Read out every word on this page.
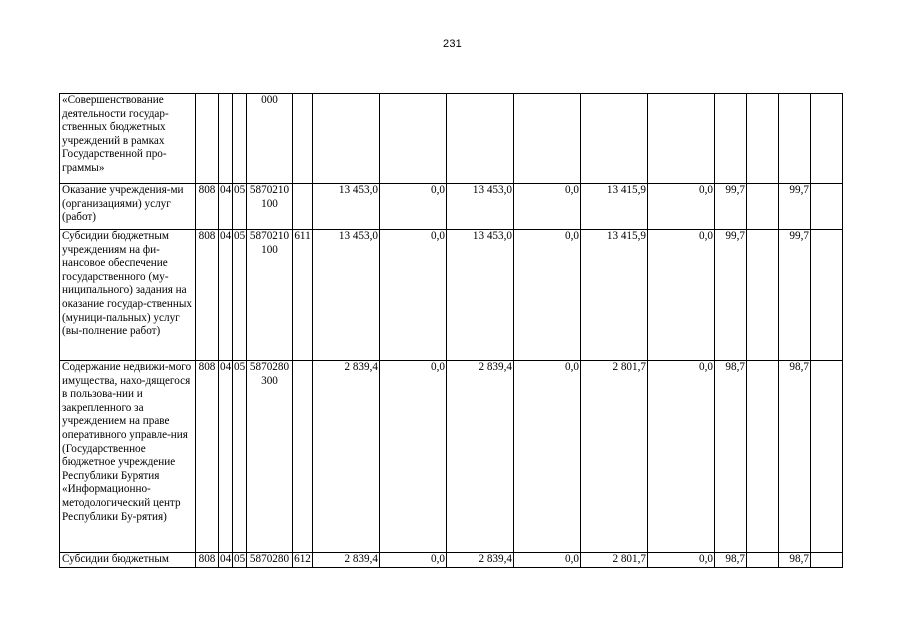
231
«Совершенствование деятельности государ-ственных бюджетных учреждений в рамках Государственной про-граммы»				000											
Оказание учреждения-ми (организациями) услуг (работ)	808	04	05	5870210 100		13 453,0	0,0	13 453,0	0,0	13 415,9	0,0	99,7		99,7	
Субсидии бюджетным учреждениям на фи-нансовое обеспечение государственного (му-ниципального) задания на оказание государ-ственных (муници-пальных) услуг (вы-полнение работ)	808	04	05	5870210 100	611	13 453,0	0,0	13 453,0	0,0	13 415,9	0,0	99,7		99,7	
Содержание недвижи-мого имущества, нахо-дящегося в пользова-нии и закрепленного за учреждением на праве оперативного управле-ния (Государственное бюджетное учреждение Республики Бурятия «Информационно-методологический центр Республики Бу-рятия)	808	04	05	5870280 300		2 839,4	0,0	2 839,4	0,0	2 801,7	0,0	98,7		98,7	
Субсидии бюджетным	808	04	05	5870280	612	2 839,4	0,0	2 839,4	0,0	2 801,7	0,0	98,7		98,7	
